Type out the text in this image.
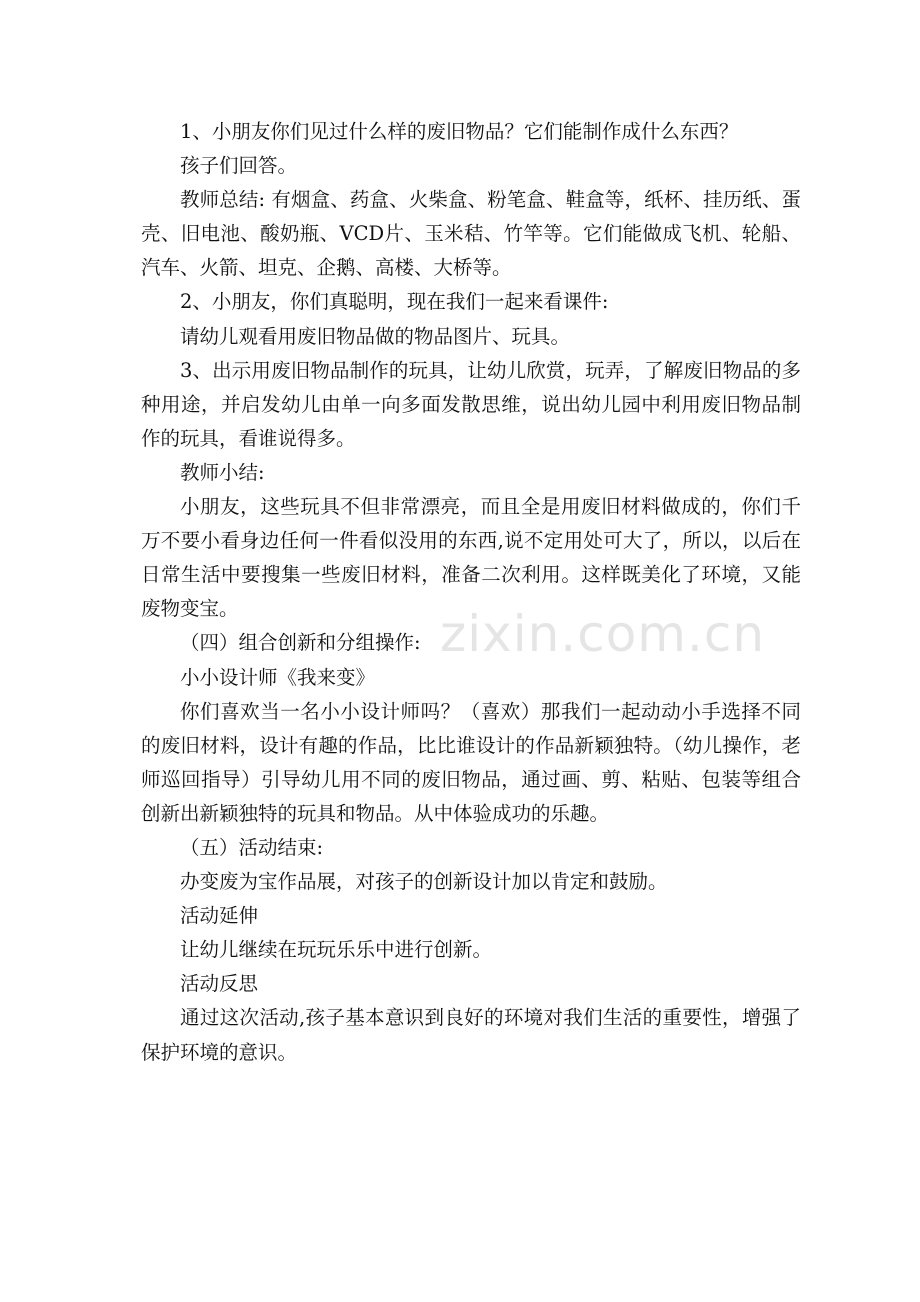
1、小朋友你们见过什么样的废旧物品？它们能制作成什么东西？

孩子们回答。

教师总结: 有烟盒、药盒、火柴盒、粉笔盒、鞋盒等，纸杯、挂历纸、蛋壳、旧电池、酸奶瓶、VCD片、玉米秸、竹竿等。它们能做成飞机、轮船、汽车、火箭、坦克、企鹅、高楼、大桥等。

2、小朋友，你们真聪明，现在我们一起来看课件:

请幼儿观看用废旧物品做的物品图片、玩具。

3、出示用废旧物品制作的玩具，让幼儿欣赏，玩弄，了解废旧物品的多种用途，并启发幼儿由单一向多面发散思维，说出幼儿园中利用废旧物品制作的玩具，看谁说得多。

教师小结:

小朋友，这些玩具不但非常漂亮，而且全是用废旧材料做成的，你们千万不要小看身边任何一件看似没用的东西,说不定用处可大了，所以，以后在日常生活中要搜集一些废旧材料，准备二次利用。这样既美化了环境，又能废物变宝。

（四）组合创新和分组操作:

小小设计师《我来变》

你们喜欢当一名小小设计师吗？（喜欢）那我们一起动动小手选择不同的废旧材料，设计有趣的作品，比比谁设计的作品新颖独特。（幼儿操作，老师巡回指导）引导幼儿用不同的废旧物品，通过画、剪、粘贴、包装等组合创新出新颖独特的玩具和物品。从中体验成功的乐趣。

（五）活动结束:

办变废为宝作品展，对孩子的创新设计加以肯定和鼓励。

活动延伸

让幼儿继续在玩玩乐乐中进行创新。

活动反思

通过这次活动,孩子基本意识到良好的环境对我们生活的重要性，增强了保护环境的意识。

zixin.com.cn
